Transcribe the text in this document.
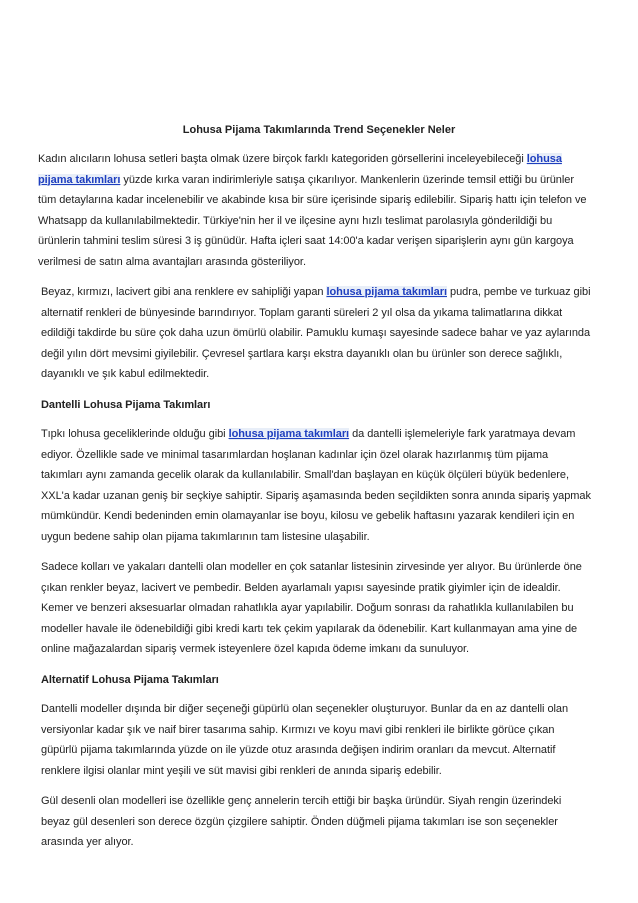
Lohusa Pijama Takımlarında Trend Seçenekler Neler

Kadın alıcıların lohusa setleri başta olmak üzere birçok farklı kategoriden görsellerini inceleyebileceği lohusa pijama takımları yüzde kırka varan indirimleriyle satışa çıkarılıyor. Mankenlerin üzerinde temsil ettiği bu ürünler tüm detaylarına kadar incelenebilir ve akabinde kısa bir süre içerisinde sipariş edilebilir. Sipariş hattı için telefon ve Whatsapp da kullanılabilmektedir. Türkiye'nin her il ve ilçesine aynı hızlı teslimat parolasıyla gönderildiği bu ürünlerin tahmini teslim süresi 3 iş günüdür. Hafta içleri saat 14:00'a kadar verişen siparişlerin aynı gün kargoya verilmesi de satın alma avantajları arasında gösteriliyor.

Beyaz, kırmızı, lacivert gibi ana renklere ev sahipliği yapan lohusa pijama takımları pudra, pembe ve turkuaz gibi alternatif renkleri de bünyesinde barındırıyor. Toplam garanti süreleri 2 yıl olsa da yıkama talimatlarına dikkat edildiği takdirde bu süre çok daha uzun ömürlü olabilir. Pamuklu kumaşı sayesinde sadece bahar ve yaz aylarında değil yılın dört mevsimi giyilebilir. Çevresel şartlara karşı ekstra dayanıklı olan bu ürünler son derece sağlıklı, dayanıklı ve şık kabul edilmektedir.

Dantelli Lohusa Pijama Takımları

Tıpkı lohusa geceliklerinde olduğu gibi lohusa pijama takımları da dantelli işlemeleriyle fark yaratmaya devam ediyor. Özellikle sade ve minimal tasarımlardan hoşlanan kadınlar için özel olarak hazırlanmış tüm pijama takımları aynı zamanda gecelik olarak da kullanılabilir. Small'dan başlayan en küçük ölçüleri büyük bedenlere, XXL'a kadar uzanan geniş bir seçkiye sahiptir. Sipariş aşamasında beden seçildikten sonra anında sipariş yapmak mümkündür. Kendi bedeninden emin olamayanlar ise boyu, kilosu ve gebelik haftasını yazarak kendileri için en uygun bedene sahip olan pijama takımlarının tam listesine ulaşabilir.

Sadece kolları ve yakaları dantelli olan modeller en çok satanlar listesinin zirvesinde yer alıyor. Bu ürünlerde öne çıkan renkler beyaz, lacivert ve pembedir. Belden ayarlamalı yapısı sayesinde pratik giyimler için de idealdir. Kemer ve benzeri aksesuarlar olmadan rahatlıkla ayar yapılabilir. Doğum sonrası da rahatlıkla kullanılabilen bu modeller havale ile ödenebildiği gibi kredi kartı tek çekim yapılarak da ödenebilir. Kart kullanmayan ama yine de online mağazalardan sipariş vermek isteyenlere özel kapıda ödeme imkanı da sunuluyor.

Alternatif Lohusa Pijama Takımları

Dantelli modeller dışında bir diğer seçeneği güpürlü olan seçenekler oluşturuyor. Bunlar da en az dantelli olan versiyonlar kadar şık ve naif birer tasarıma sahip. Kırmızı ve koyu mavi gibi renkleri ile birlikte görüce çıkan güpürlü pijama takımlarında yüzde on ile yüzde otuz arasında değişen indirim oranları da mevcut. Alternatif renklere ilgisi olanlar mint yeşili ve süt mavisi gibi renkleri de anında sipariş edebilir.

Gül desenli olan modelleri ise özellikle genç annelerin tercih ettiği bir başka üründür. Siyah rengin üzerindeki beyaz gül desenleri son derece özgün çizgilere sahiptir. Önden düğmeli pijama takımları ise son seçenekler arasında yer alıyor.
